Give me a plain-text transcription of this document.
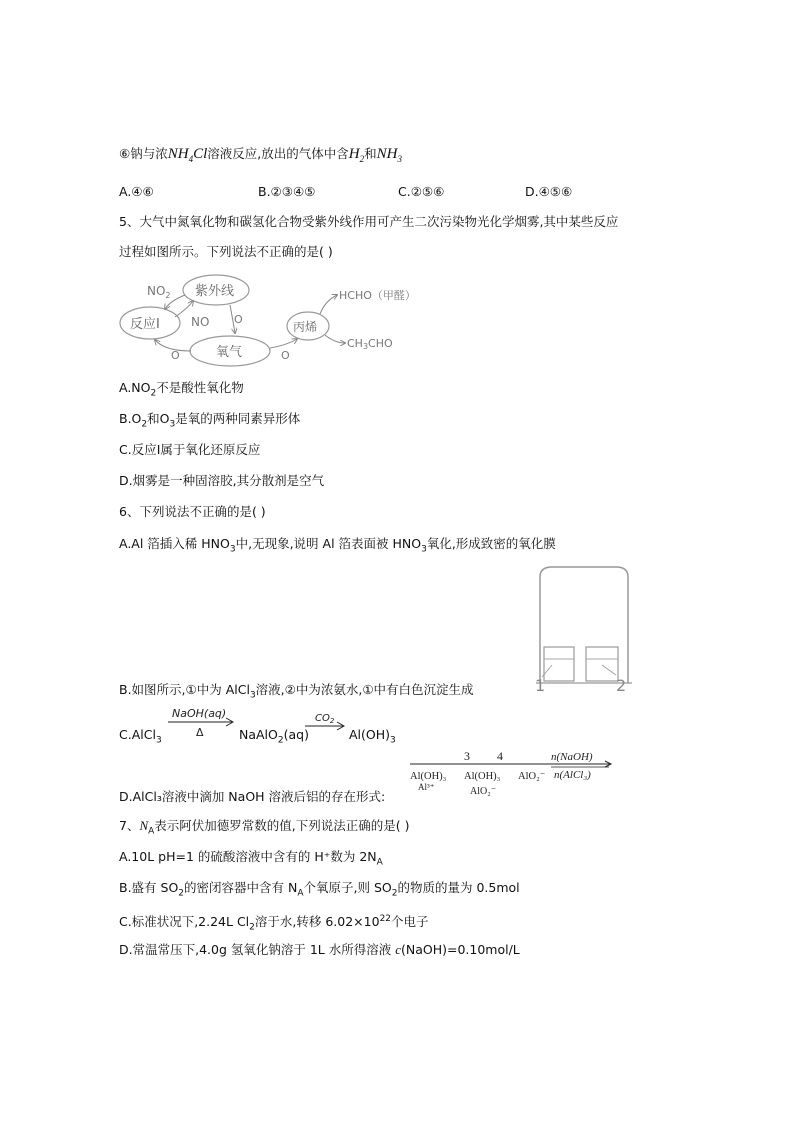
⑥钠与浓$NH_4Cl$溶液反应,放出的气体中含$H_2$和$NH_3$
A.④⑥	B.②③④⑤	C.②⑤⑥	D.④⑤⑥
5、大气中氮氧化物和碳氢化合物受紫外线作用可产生二次污染物光化学烟雾,其中某些反应
过程如图所示。下列说法不正确的是( )
$NO_2$ 紫外线
反应I	NO O
氧气
O	O
丙烯
HCHO（甲醛）
CH3CHO
$A.NO_2$不是酸性氧化物
$B.O_2$和$O_3$是氧的两种同素异形体
C.反应I属于氧化还原反应
D.烟雾是一种固溶胶,其分散剂是空气
6、下列说法不正确的是( )
A.Al 箔插入稀 $HNO_3$中,无现象,说明 Al 箔表面被 $HNO_3$氧化,形成致密的氧化膜
1	2
B.如图所示,①中为 AlCl$_3$溶液,②中为浓氨水,①中有白色沉淀生成
C.AlCl$_3$
NaOH(aq)
Δ	NaAlO$_2$(aq)
$CO_2$
$Al(OH)_3$
D.AlCl₃溶液中滴加 NaOH 溶液后铝的存在形式:
3 4	n(NaOH)
n(AlCl₃)
Al(OH)₃
Al³⁺
Al(OH)₃
AlO₂⁻
AlO₂⁻
7、$N_A$表示阿伏加德罗常数的值,下列说法正确的是( )
A.10L pH=1 的硫酸溶液中含有的 H⁺数为 $2N_A$
B.盛有 $SO_2$的密闭容器中含有 $N_A$个氧原子,则 $SO_2$的物质的量为 0.5mol
C.标准状况下,2.24L $Cl_2$溶于水,转移 $6.02\times 10^{22}$个电子
D.常温常压下,4.0g 氢氧化钠溶于 1L 水所得溶液 c(NaOH)=0.10mol/L
